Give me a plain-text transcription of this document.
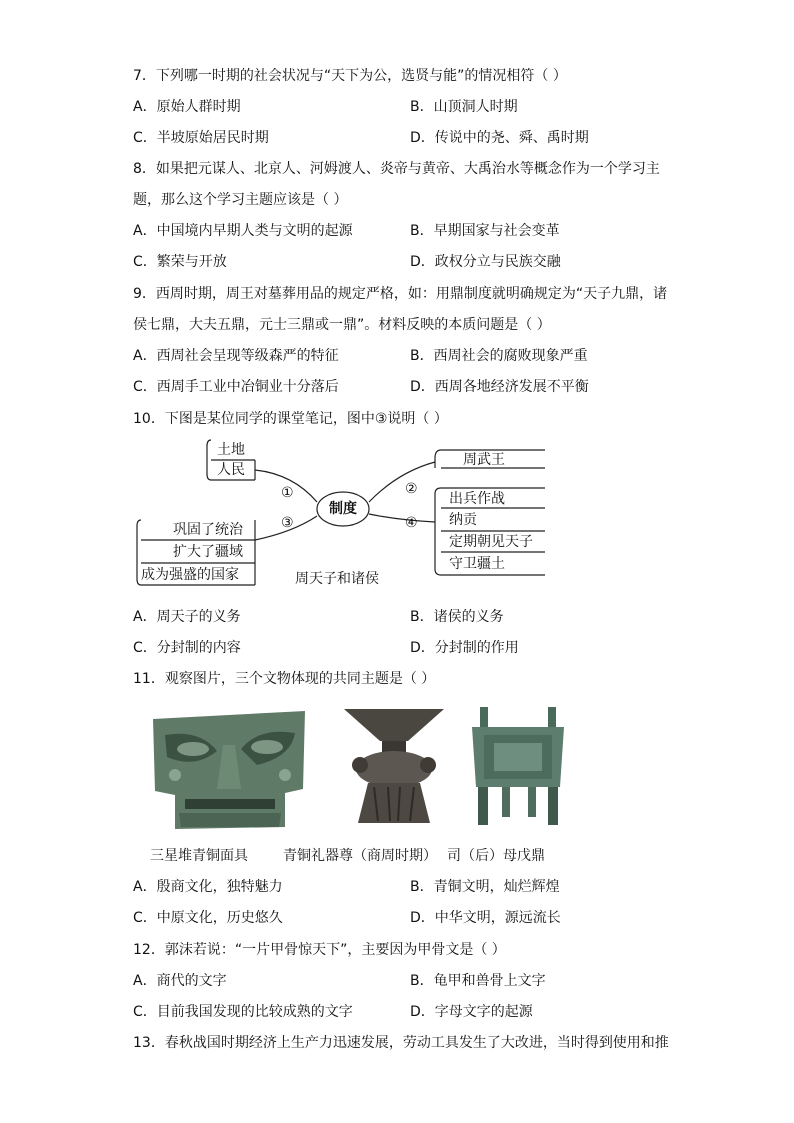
7．下列哪一时期的社会状况与“天下为公，选贤与能”的情况相符（ ）
A．原始人群时期	B．山顶洞人时期
C．半坡原始居民时期	D．传说中的尧、舜、禹时期
8．如果把元谋人、北京人、河姆渡人、炎帝与黄帝、大禹治水等概念作为一个学习主
题，那么这个学习主题应该是（ ）
A．中国境内早期人类与文明的起源	B．早期国家与社会变革
C．繁荣与开放	D．政权分立与民族交融
9．西周时期，周王对墓葬用品的规定严格，如：用鼎制度就明确规定为“天子九鼎，诸
侯七鼎，大夫五鼎，元士三鼎或一鼎”。材料反映的本质问题是（ ）
A．西周社会呈现等级森严的特征	B．西周社会的腐败现象严重
C．西周手工业中冶铜业十分落后	D．西周各地经济发展不平衡
10．下图是某位同学的课堂笔记，图中③说明（ ）
土地
人民
①
③
巩固了统治
扩大了疆域
成为强盛的国家
制度
②
④
周武王
出兵作战
纳贡
定期朝见天子
守卫疆土
周天子和诸侯
A．周天子的义务	B．诸侯的义务
C．分封制的内容	D．分封制的作用
11．观察图片，三个文物体现的共同主题是（ ）
三星堆青铜面具	青铜礼器尊（商周时期） 司（后）母戊鼎
A．殷商文化，独特魅力	B．青铜文明，灿烂辉煌
C．中原文化，历史悠久	D．中华文明，源远流长
12．郭沫若说：“一片甲骨惊天下”，主要因为甲骨文是（ ）
A．商代的文字	B．龟甲和兽骨上文字
C．目前我国发现的比较成熟的文字	D．字母文字的起源
13．春秋战国时期经济上生产力迅速发展，劳动工具发生了大改进，当时得到使用和推
